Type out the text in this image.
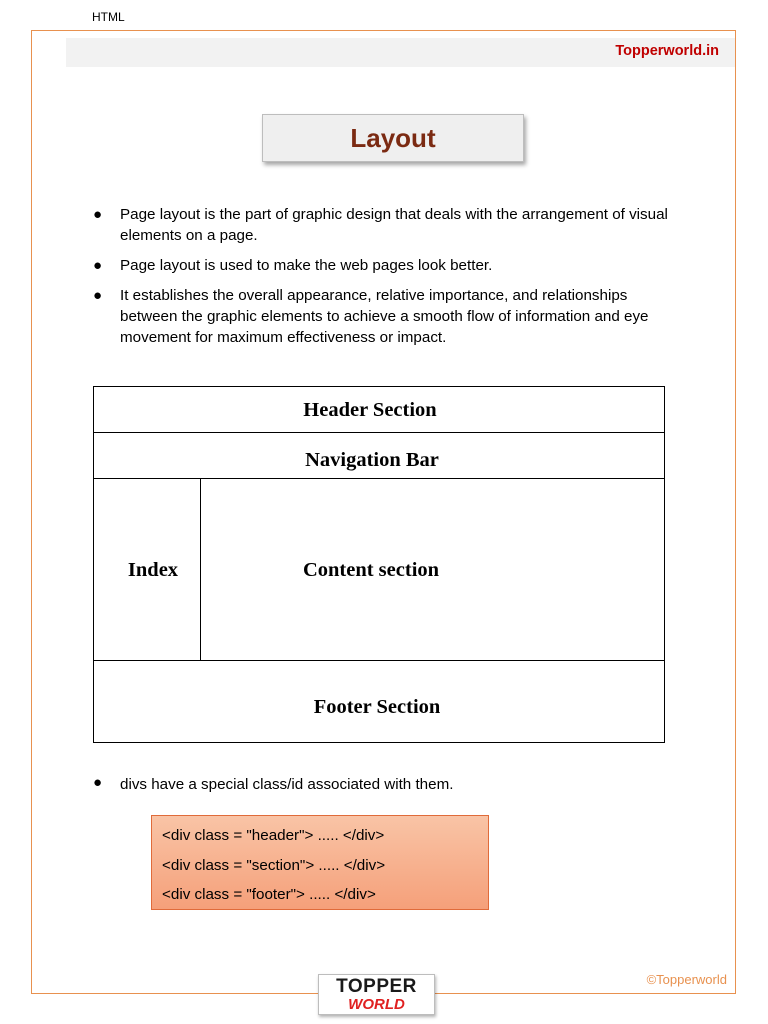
HTML
Topperworld.in
Layout
● Page layout is the part of graphic design that deals with the arrangement of visual elements on a page.
● Page layout is used to make the web pages look better.
● It establishes the overall appearance, relative importance, and relationships between the graphic elements to achieve a smooth flow of information and eye movement for maximum effectiveness or impact.
Header Section
Navigation Bar
Index	Content section
Footer Section
●	divs have a special class/id associated with them.
<div class = "header"> ..... </div>
<div class = "section"> ..... </div>
<div class = "footer"> ..... </div>
©Topperworld
TOPPER
WORLD
